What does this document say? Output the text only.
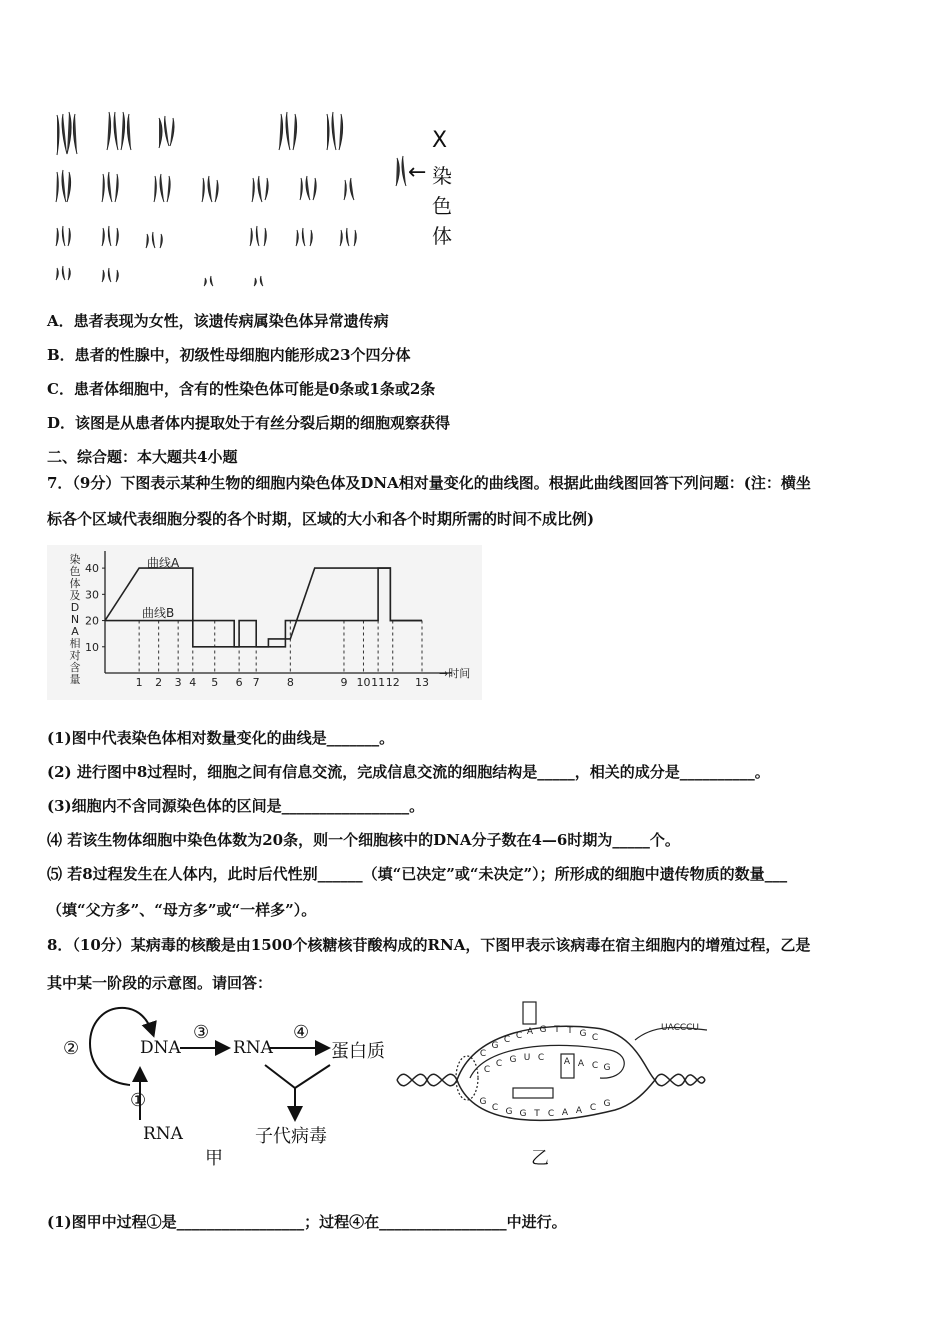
←
X
染
色
体
A．患者表现为女性，该遗传病属染色体异常遗传病
B．患者的性腺中，初级性母细胞内能形成23个四分体
C．患者体细胞中，含有的性染色体可能是0条或1条或2条
D．该图是从患者体内提取处于有丝分裂后期的细胞观察获得
二、综合题：本大题共4小题
7．（9分）下图表示某种生物的细胞内染色体及DNA相对量变化的曲线图。根据此曲线图回答下列问题：(注：横坐
标各个区域代表细胞分裂的各个时期，区域的大小和各个时期所需的时间不成比例)
染
色
体
及
D
N
A
相
对
含
量
10
20
30
40
1 2 3 4 5 6 7 8	9 10 11 12 13
→时间
曲线A
曲线B
(1)图中代表染色体相对数量变化的曲线是_______。
(2) 进行图中8过程时，细胞之间有信息交流，完成信息交流的细胞结构是_____，相关的成分是__________。
(3)细胞内不含同源染色体的区间是_________________。
⑷ 若该生物体细胞中染色体数为20条，则一个细胞核中的DNA分子数在4—6时期为_____个。
⑸ 若8过程发生在人体内，此时后代性别______（填“已决定”或“未决定”）；所形成的细胞中遗传物质的数量___
（填“父方多”、“母方多”或“一样多”）。
8．（10分）某病毒的核酸是由1500个核糖核苷酸构成的RNA，下图甲表示该病毒在宿主细胞内的增殖过程，乙是
其中某一阶段的示意图。请回答：
②	DNA
③
RNA
④
蛋白质
①
RNA	子代病毒
甲
C
G
C C A G T T G C
C
C G U C A A C G
G
C G G T C A A C G
UACCCU
乙
(1)图甲中过程①是_________________；过程④在_________________中进行。
